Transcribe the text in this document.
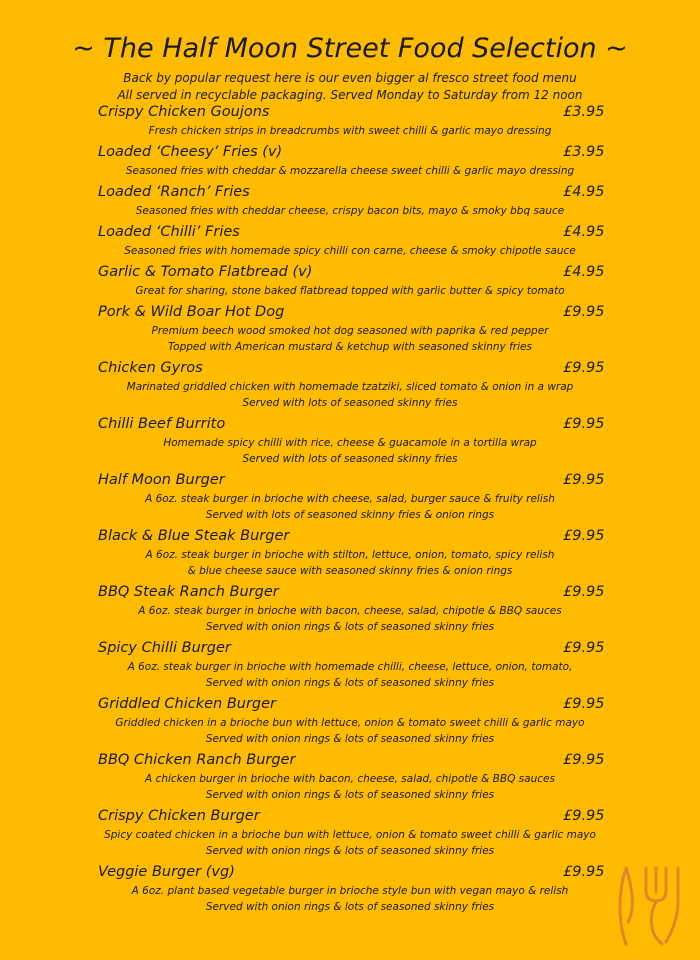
~ The Half Moon Street Food Selection ~
Back by popular request here is our even bigger al fresco street food menu
All served in recyclable packaging. Served Monday to Saturday from 12 noon
Crispy Chicken Goujons	£3.95
Fresh chicken strips in breadcrumbs with sweet chilli & garlic mayo dressing
Loaded ‘Cheesy’ Fries (v)	£3.95
Seasoned fries with cheddar & mozzarella cheese sweet chilli & garlic mayo dressing
Loaded ‘Ranch’ Fries	£4.95
Seasoned fries with cheddar cheese, crispy bacon bits, mayo & smoky bbq sauce
Loaded ‘Chilli’ Fries	£4.95
Seasoned fries with homemade spicy chilli con carne, cheese & smoky chipotle sauce
Garlic & Tomato Flatbread (v)	£4.95
Great for sharing, stone baked flatbread topped with garlic butter & spicy tomato
Pork & Wild Boar Hot Dog	£9.95
Premium beech wood smoked hot dog seasoned with paprika & red pepper
Topped with American mustard & ketchup with seasoned skinny fries
Chicken Gyros	£9.95
Marinated griddled chicken with homemade tzatziki, sliced tomato & onion in a wrap
Served with lots of seasoned skinny fries
Chilli Beef Burrito	£9.95
Homemade spicy chilli with rice, cheese & guacamole in a tortilla wrap
Served with lots of seasoned skinny fries
Half Moon Burger	£9.95
A 6oz. steak burger in brioche with cheese, salad, burger sauce & fruity relish
Served with lots of seasoned skinny fries & onion rings
Black & Blue Steak Burger	£9.95
A 6oz. steak burger in brioche with stilton, lettuce, onion, tomato, spicy relish
& blue cheese sauce with seasoned skinny fries & onion rings
BBQ Steak Ranch Burger	£9.95
A 6oz. steak burger in brioche with bacon, cheese, salad, chipotle & BBQ sauces
Served with onion rings & lots of seasoned skinny fries
Spicy Chilli Burger	£9.95
A 6oz. steak burger in brioche with homemade chilli, cheese, lettuce, onion, tomato,
Served with onion rings & lots of seasoned skinny fries
Griddled Chicken Burger	£9.95
Griddled chicken in a brioche bun with lettuce, onion & tomato sweet chilli & garlic mayo
Served with onion rings & lots of seasoned skinny fries
BBQ Chicken Ranch Burger	£9.95
A chicken burger in brioche with bacon, cheese, salad, chipotle & BBQ sauces
Served with onion rings & lots of seasoned skinny fries
Crispy Chicken Burger	£9.95
Spicy coated chicken in a brioche bun with lettuce, onion & tomato sweet chilli & garlic mayo
Served with onion rings & lots of seasoned skinny fries
Veggie Burger (vg)	£9.95
A 6oz. plant based vegetable burger in brioche style bun with vegan mayo & relish
Served with onion rings & lots of seasoned skinny fries
